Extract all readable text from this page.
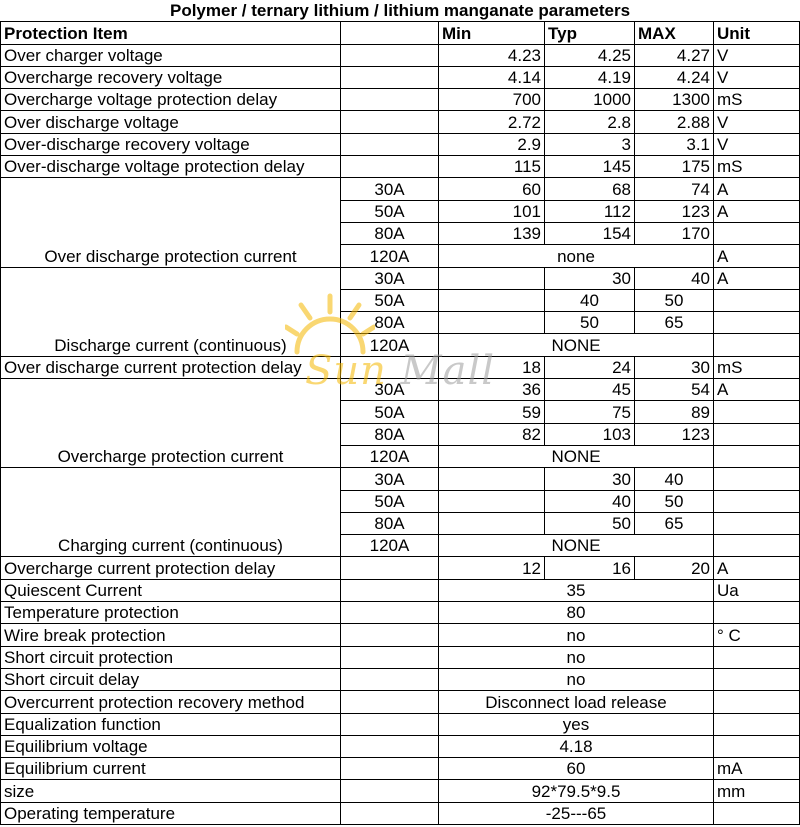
Polymer / ternary lithium / lithium manganate parameters					
Protection Item		Min	Typ	MAX	Unit
Over charger voltage		4.23	4.25	4.27	V
Overcharge recovery voltage		4.14	4.19	4.24	V
Overcharge voltage protection delay		700	1000	1300	mS
Over discharge voltage		2.72	2.8	2.88	V
Over-discharge recovery voltage		2.9	3	3.1	V
Over-discharge voltage protection delay		115	145	175	mS
Over discharge protection current	30A	60	68	74	A
	50A	101	112	123	A
	80A	139	154	170	
	120A	none			A
Discharge current (continuous)	30A		30	40	A
	50A		40	50	
	80A		50	65	
	120A	NONE			
Over discharge current protection delay		18	24	30	mS
Overcharge protection current	30A	36	45	54	A
	50A	59	75	89	
	80A	82	103	123	
	120A	NONE			
Charging current (continuous)	30A		30	40	
	50A		40	50	
	80A		50	65	
	120A	NONE			
Overcharge current protection delay		12	16	20	A
Quiescent Current		35			Ua
Temperature protection		80			
Wire break protection		no			° C
Short circuit protection		no			
Short circuit delay		no			
Overcurrent protection recovery method		Disconnect load release			
Equalization function		yes			
Equilibrium voltage		4.18			
Equilibrium current		60			mA
size		92*79.5*9.5			mm
Operating temperature		-25---65			
Sun Mall
